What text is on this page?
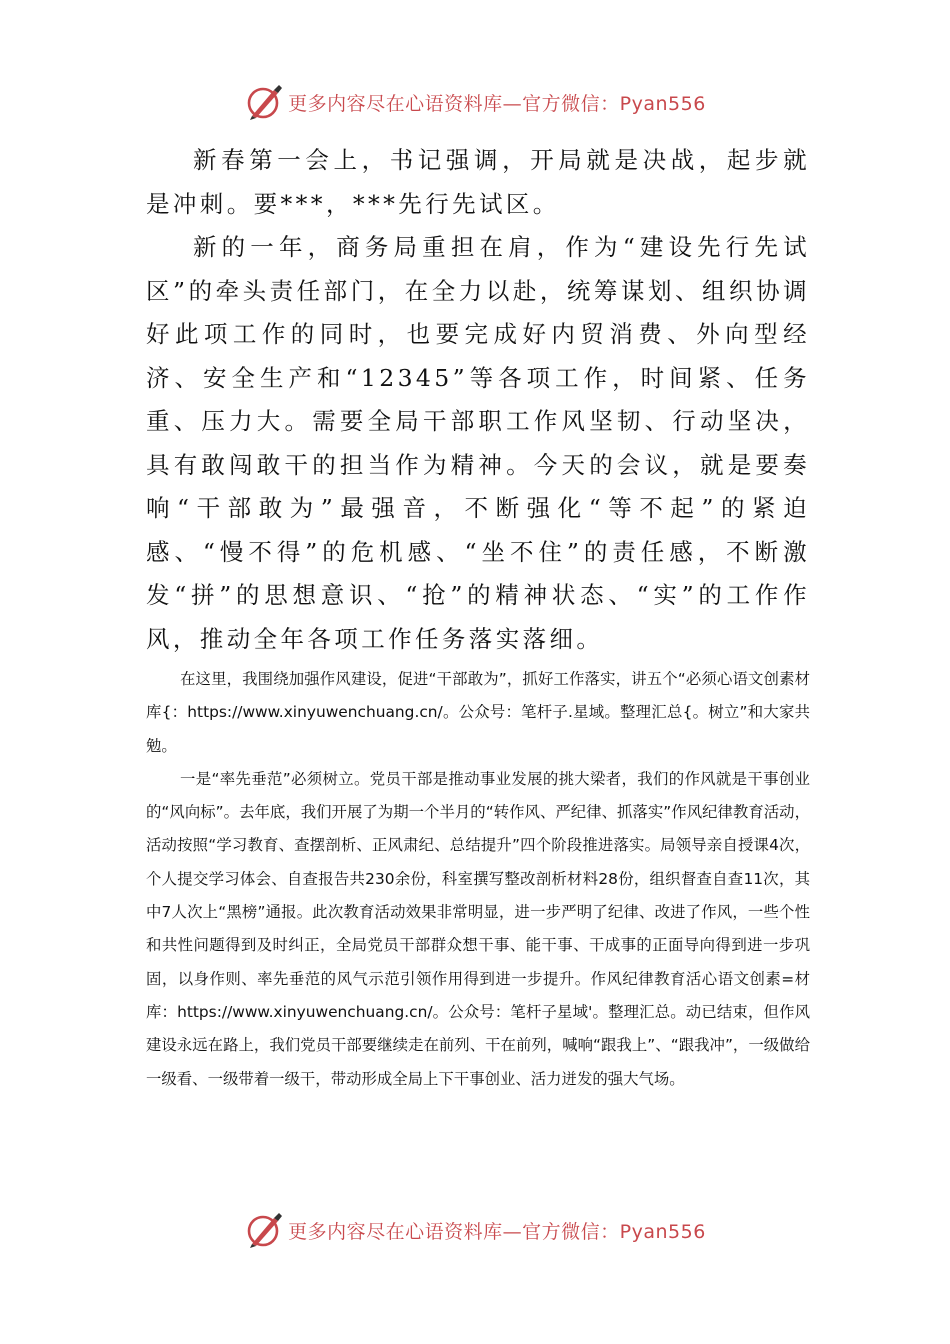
更多内容尽在心语资料库—官方微信：Pyan556

新春第一会上，书记强调，开局就是决战，起步就是冲刺。要***，***先行先试区。

新的一年，商务局重担在肩，作为“建设先行先试区”的牵头责任部门，在全力以赴，统筹谋划、组织协调好此项工作的同时，也要完成好内贸消费、外向型经济、安全生产和“12345”等各项工作，时间紧、任务重、压力大。需要全局干部职工作风坚韧、行动坚决，具有敢闯敢干的担当作为精神。今天的会议，就是要奏响“干部敢为”最强音，不断强化“等不起”的紧迫感、“慢不得”的危机感、“坐不住”的责任感，不断激发“拼”的思想意识、“抢”的精神状态、“实”的工作作风，推动全年各项工作任务落实落细。

在这里，我围绕加强作风建设，促进“干部敢为”，抓好工作落实，讲五个“必须心语文创素材库{：https://www.xinyuwenchuang.cn/。公众号：笔杆子.星域。整理汇总{。树立”和大家共勉。

一是“率先垂范”必须树立。党员干部是推动事业发展的挑大梁者，我们的作风就是干事创业的“风向标”。去年底，我们开展了为期一个半月的“转作风、严纪律、抓落实”作风纪律教育活动，活动按照“学习教育、查摆剖析、正风肃纪、总结提升”四个阶段推进落实。局领导亲自授课4次，个人提交学习体会、自查报告共230余份，科室撰写整改剖析材料28份，组织督查自查11次，其中7人次上“黑榜”通报。此次教育活动效果非常明显，进一步严明了纪律、改进了作风，一些个性和共性问题得到及时纠正，全局党员干部群众想干事、能干事、干成事的正面导向得到进一步巩固，以身作则、率先垂范的风气示范引领作用得到进一步提升。作风纪律教育活心语文创素=材库：https://www.xinyuwenchuang.cn/。公众号：笔杆子星域'。整理汇总。动已结束，但作风建设永远在路上，我们党员干部要继续走在前列、干在前列，喊响“跟我上”、“跟我冲”，一级做给一级看、一级带着一级干，带动形成全局上下干事创业、活力迸发的强大气场。

更多内容尽在心语资料库—官方微信：Pyan556
